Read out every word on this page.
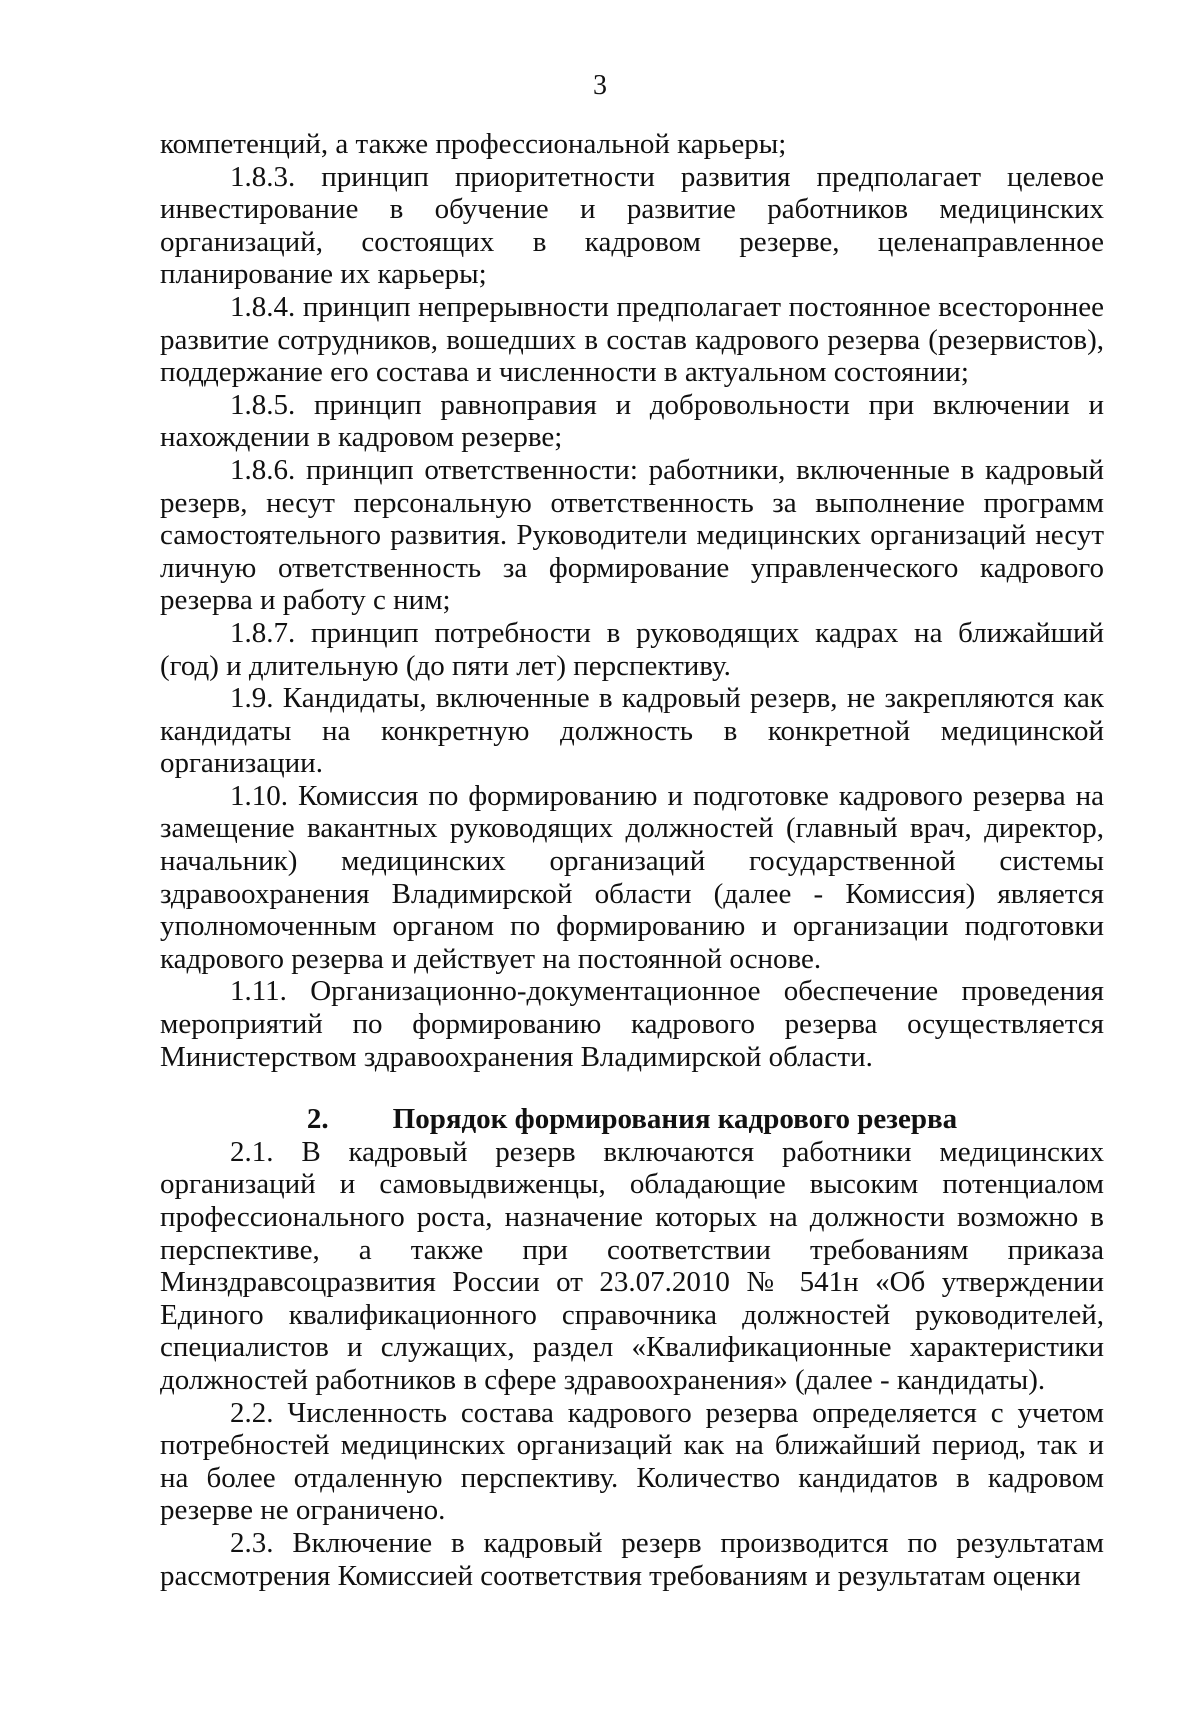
3

компетенций, а также профессиональной карьеры;

1.8.3. принцип приоритетности развития предполагает целевое инвестирование в обучение и развитие работников медицинских организаций, состоящих в кадровом резерве, целенаправленное планирование их карьеры;

1.8.4. принцип непрерывности предполагает постоянное всестороннее развитие сотрудников, вошедших в состав кадрового резерва (резервистов), поддержание его состава и численности в актуальном состоянии;

1.8.5. принцип равноправия и добровольности при включении и нахождении в кадровом резерве;

1.8.6. принцип ответственности: работники, включенные в кадровый резерв, несут персональную ответственность за выполнение программ самостоятельного развития. Руководители медицинских организаций несут личную ответственность за формирование управленческого кадрового резерва и работу с ним;

1.8.7. принцип потребности в руководящих кадрах на ближайший (год) и длительную (до пяти лет) перспективу.

1.9. Кандидаты, включенные в кадровый резерв, не закрепляются как кандидаты на конкретную должность в конкретной медицинской организации.

1.10. Комиссия по формированию и подготовке кадрового резерва на замещение вакантных руководящих должностей (главный врач, директор, начальник) медицинских организаций государственной системы здравоохранения Владимирской области (далее - Комиссия) является уполномоченным органом по формированию и организации подготовки кадрового резерва и действует на постоянной основе.

1.11. Организационно-документационное обеспечение проведения мероприятий по формированию кадрового резерва осуществляется Министерством здравоохранения Владимирской области.

2. Порядок формирования кадрового резерва

2.1. В кадровый резерв включаются работники медицинских организаций и самовыдвиженцы, обладающие высоким потенциалом профессионального роста, назначение которых на должности возможно в перспективе, а также при соответствии требованиям приказа Минздравсоцразвития России от 23.07.2010 № 541н «Об утверждении Единого квалификационного справочника должностей руководителей, специалистов и служащих, раздел «Квалификационные характеристики должностей работников в сфере здравоохранения» (далее - кандидаты).

2.2. Численность состава кадрового резерва определяется с учетом потребностей медицинских организаций как на ближайший период, так и на более отдаленную перспективу. Количество кандидатов в кадровом резерве не ограничено.

2.3. Включение в кадровый резерв производится по результатам рассмотрения Комиссией соответствия требованиям и результатам оценки
